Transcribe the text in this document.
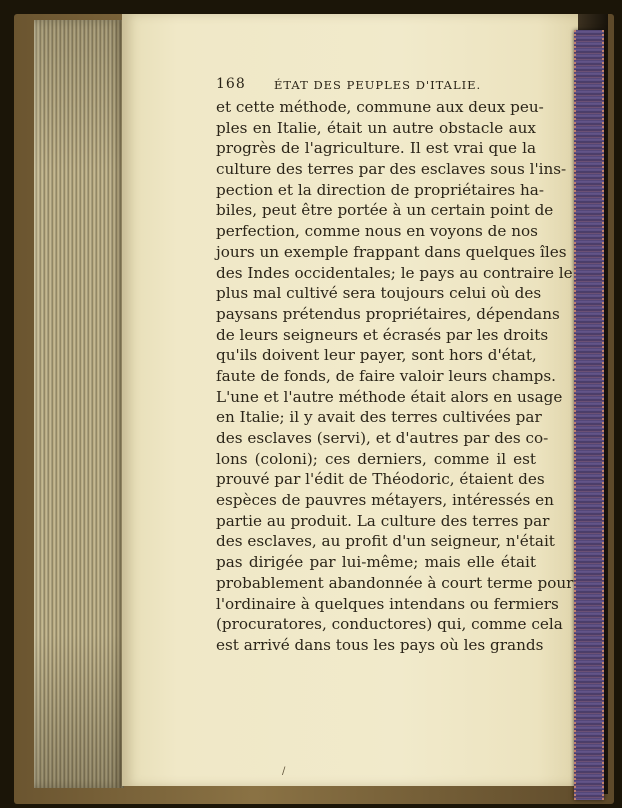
168 ÉTAT DES PEUPLES D'ITALIE.
et cette méthode, commune aux deux peu-
ples en Italie, était un autre obstacle aux
progrès de l'agriculture. Il est vrai que la
culture des terres par des esclaves sous l'ins-
pection et la direction de propriétaires ha-
biles, peut être portée à un certain point de
perfection, comme nous en voyons de nos
jours un exemple frappant dans quelques îles
des Indes occidentales; le pays au contraire le
plus mal cultivé sera toujours celui où des
paysans prétendus propriétaires, dépendans
de leurs seigneurs et écrasés par les droits
qu'ils doivent leur payer, sont hors d'état,
faute de fonds, de faire valoir leurs champs.
L'une et l'autre méthode était alors en usage
en Italie; il y avait des terres cultivées par
des esclaves (servi), et d'autres par des co-
lons (coloni); ces derniers, comme il est
prouvé par l'édit de Théodoric, étaient des
espèces de pauvres métayers, intéressés en
partie au produit. La culture des terres par
des esclaves, au profit d'un seigneur, n'était
pas dirigée par lui-même; mais elle était
probablement abandonnée à court terme pour
l'ordinaire à quelques intendans ou fermiers
(procuratores, conductores) qui, comme cela
est arrivé dans tous les pays où les grands
/
